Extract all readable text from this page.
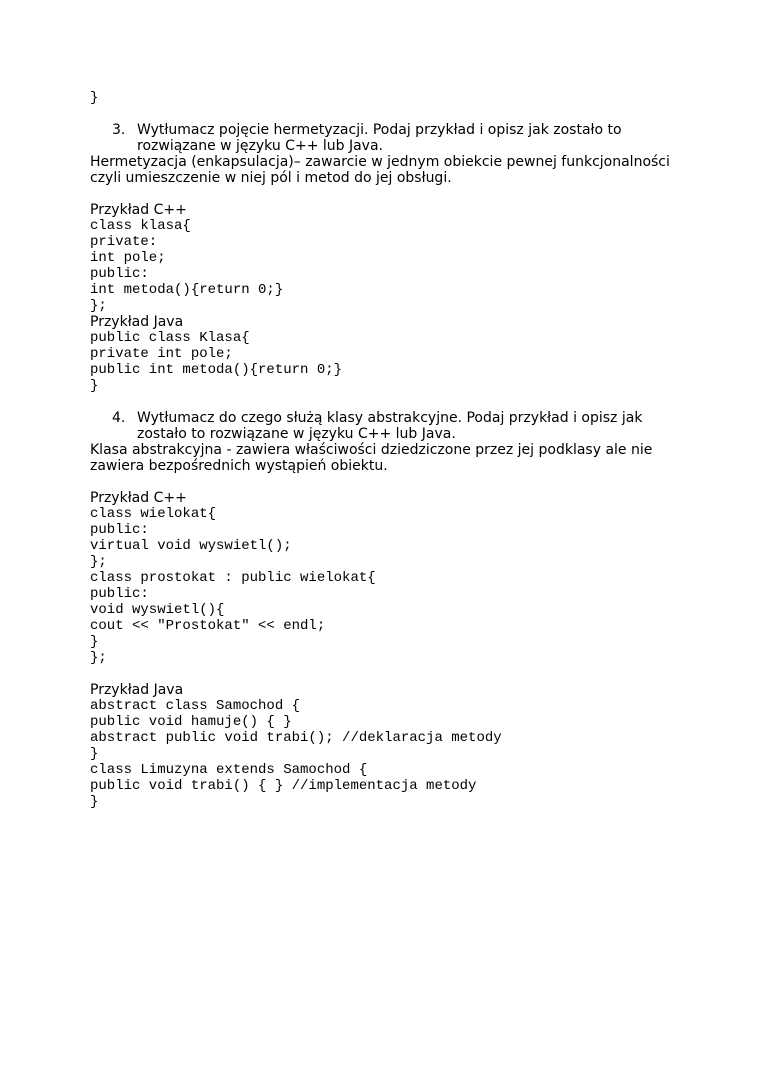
}
3. Wytłumacz pojęcie hermetyzacji. Podaj przykład i opisz jak zostało to rozwiązane w języku C++ lub Java.
Hermetyzacja (enkapsulacja)– zawarcie w jednym obiekcie pewnej funkcjonalności czyli umieszczenie w niej pól i metod do jej obsługi.
Przykład C++
class klasa{
private:
int pole;
public:
int metoda(){return 0;}
};
Przykład Java
public class Klasa{
private int pole;
public int metoda(){return 0;}
}
4. Wytłumacz do czego służą klasy abstrakcyjne. Podaj przykład i opisz jak zostało to rozwiązane w języku C++ lub Java.
Klasa abstrakcyjna - zawiera właściwości dziedziczone przez jej podklasy ale nie zawiera bezpośrednich wystąpień obiektu.
Przykład C++
class wielokat{
public:
virtual void wyswietl();
};
class prostokat : public wielokat{
public:
void wyswietl(){
cout << "Prostokat" << endl;
}
};
Przykład Java
abstract class Samochod {
public void hamuje() { }
abstract public void trabi(); //deklaracja metody
}
class Limuzyna extends Samochod {
public void trabi() { } //implementacja metody
}
